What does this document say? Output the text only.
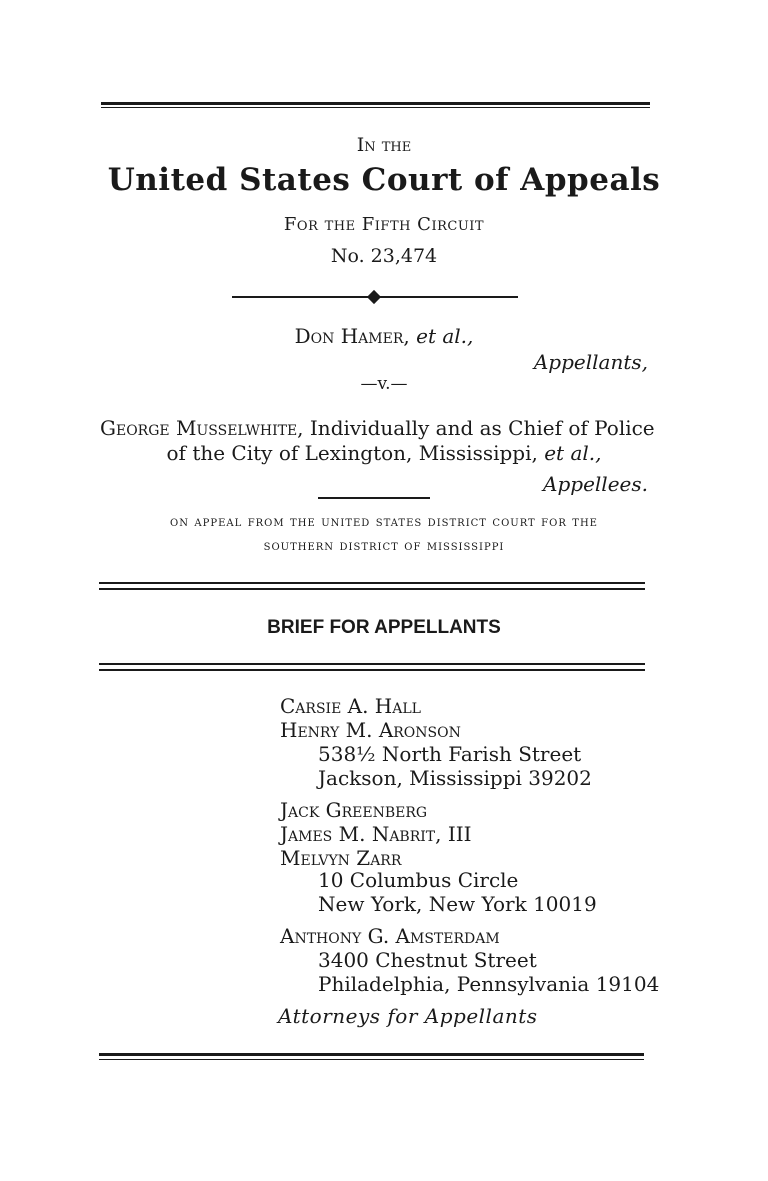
In the
United States Court of Appeals
For the Fifth Circuit
No. 23,474
Don Hamer, et al.,
Appellants,
—v.—
George Musselwhite, Individually and as Chief of Police
of the City of Lexington, Mississippi, et al.,
Appellees.
on appeal from the united states district court for the
southern district of mississippi
BRIEF FOR APPELLANTS
Carsie A. Hall
Henry M. Aronson
538½ North Farish Street
Jackson, Mississippi 39202
Jack Greenberg
James M. Nabrit, III
Melvyn Zarr
10 Columbus Circle
New York, New York 10019
Anthony G. Amsterdam
3400 Chestnut Street
Philadelphia, Pennsylvania 19104
Attorneys for Appellants
